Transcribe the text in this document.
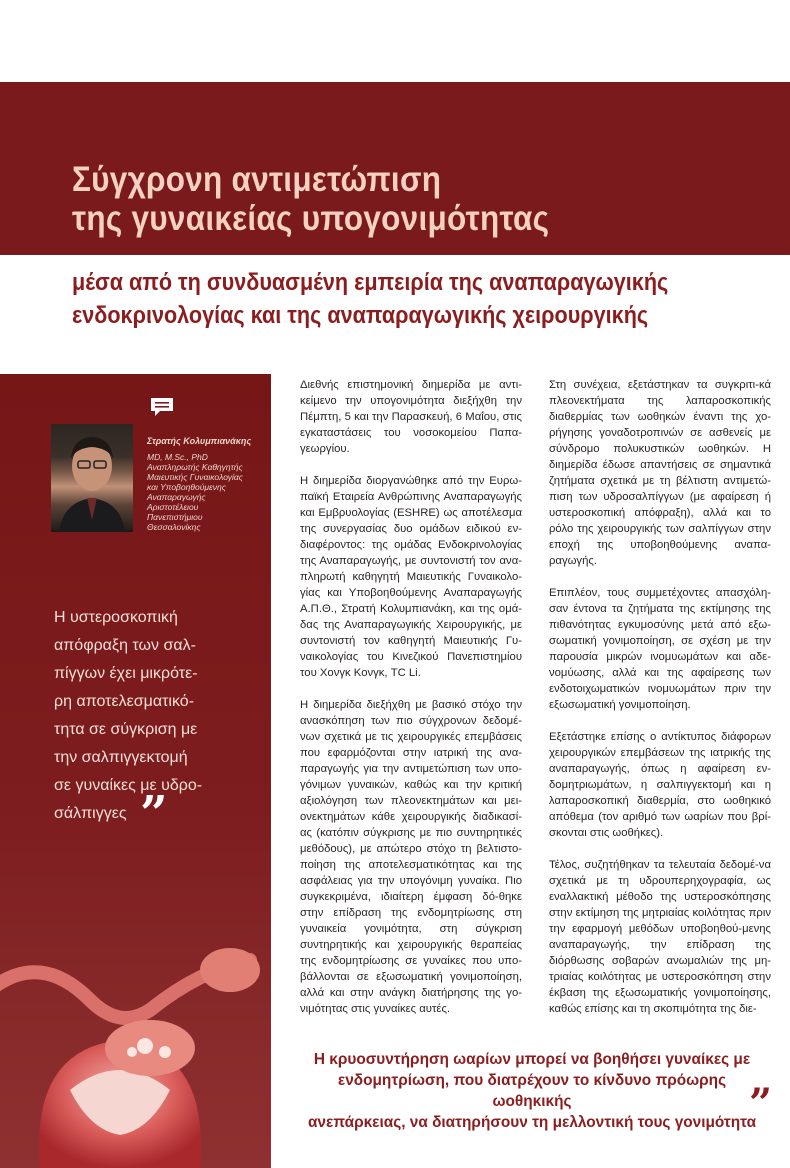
Σύγχρονη αντιμετώπιση
της γυναικείας υπογονιμότητας
μέσα από τη συνδυασμένη εμπειρία της αναπαραγωγικής
ενδοκρινολογίας και της αναπαραγωγικής χειρουργικής
Στρατής Κολυμπιανάκης
MD, M.Sc., PhD
Αναπληρωτής Καθηγητής
Μαιευτικής Γυναικολογίας
και Υποβοηθούμενης
Αναπαραγωγής
Αριστοτέλειου
Πανεπιστήμιου
Θεσσαλονίκης

Η υστεροσκοπική
απόφραξη των σαλ-
πίγγων έχει μικρότε-
ρη αποτελεσματικό-
τητα σε σύγκριση με
την σαλπιγγεκτομή
σε γυναίκες με υδρο-
σάλπιγγες ”

Διεθνής επιστημονική διημερίδα με αντι-κείμενο την υπογονιμότητα διεξήχθη την Πέμπτη, 5 και την Παρασκευή, 6 Μαΐου, στις εγκαταστάσεις του νοσοκομείου Παπα-γεωργίου.

Η διημερίδα διοργανώθηκε από την Ευρω-παϊκή Εταιρεία Ανθρώπινης Αναπαραγωγής και Εμβρυολογίας (ESHRE) ως αποτέλεσμα της συνεργασίας δυο ομάδων ειδικού εν-διαφέροντος: της ομάδας Ενδοκρινολογίας της Αναπαραγωγής, με συντονιστή τον ανα-πληρωτή καθηγητή Μαιευτικής Γυναικολο-γίας και Υποβοηθούμενης Αναπαραγωγής Α.Π.Θ., Στρατή Κολυμπιανάκη, και της ομά-δας της Αναπαραγωγικής Χειρουργικής, με συντονιστή τον καθηγητή Μαιευτικής Γυ-ναικολογίας του Κινεζικού Πανεπιστημίου του Χονγκ Κονγκ, TC Li.

Η διημερίδα διεξήχθη με βασικό στόχο την ανασκόπηση των πιο σύγχρονων δεδομέ-νων σχετικά με τις χειρουργικές επεμβάσεις που εφαρμόζονται στην ιατρική της ανα-παραγωγής για την αντιμετώπιση των υπο-γόνιμων γυναικών, καθώς και την κριτική αξιολόγηση των πλεονεκτημάτων και μει-ονεκτημάτων κάθε χειρουργικής διαδικασί-ας (κατόπιν σύγκρισης με πιο συντηρητικές μεθόδους), με απώτερο στόχο τη βελτιστο-ποίηση της αποτελεσματικότητας και της ασφάλειας για την υπογόνιμη γυναίκα. Πιο συγκεκριμένα, ιδιαίτερη έμφαση δό-θηκε στην επίδραση της ενδομητρίωσης στη γυναικεία γονιμότητα, στη σύγκριση συντηρητικής και χειρουργικής θεραπείας της ενδομητρίωσης σε γυναίκες που υπο-βάλλονται σε εξωσωματική γονιμοποίηση, αλλά και στην ανάγκη διατήρησης της γο-νιμότητας στις γυναίκες αυτές.

Στη συνέχεια, εξετάστηκαν τα συγκριτι-κά πλεονεκτήματα της λαπαροσκοπικής διαθερμίας των ωοθηκών έναντι της χο-ρήγησης γοναδοτροπινών σε ασθενείς με σύνδρομο πολυκυστικών ωοθηκών. Η διημερίδα έδωσε απαντήσεις σε σημαντικά ζητήματα σχετικά με τη βέλτιστη αντιμετώ-πιση των υδροσαλπίγγων (με αφαίρεση ή υστεροσκοπική απόφραξη), αλλά και το ρόλο της χειρουργικής των σαλπίγγων στην εποχή της υποβοηθούμενης αναπα-ραγωγής.

Επιπλέον, τους συμμετέχοντες απασχόλη-σαν έντονα τα ζητήματα της εκτίμησης της πιθανότητας εγκυμοσύνης μετά από εξω-σωματική γονιμοποίηση, σε σχέση με την παρουσία μικρών ινομυωμάτων και αδε-νομύωσης, αλλά και της αφαίρεσης των ενδοτοιχωματικών ινομυωμάτων πριν την εξωσωματική γονιμοποίηση.

Εξετάστηκε επίσης ο αντίκτυπος διάφορων χειρουργικών επεμβάσεων της ιατρικής της αναπαραγωγής, όπως η αφαίρεση εν-δομητριωμάτων, η σαλπιγγεκτομή και η λαπαροσκοπική διαθερμία, στο ωοθηκικό απόθεμα (τον αριθμό των ωαρίων που βρί-σκονται στις ωοθήκες).

Τέλος, συζητήθηκαν τα τελευταία δεδομέ-να σχετικά με τη υδρουπερηχογραφία, ως εναλλακτική μέθοδο της υστεροσκόπησης στην εκτίμηση της μητριαίας κοιλότητας πριν την εφαρμογή μεθόδων υποβοηθού-μενης αναπαραγωγής, την επίδραση της διόρθωσης σοβαρών ανωμαλιών της μη-τριαίας κοιλότητας με υστεροσκόπηση στην έκβαση της εξωσωματικής γονιμοποίησης, καθώς επίσης και τη σκοπιμότητα της διε-

Η κρυοσυντήρηση ωαρίων μπορεί να βοηθήσει γυναίκες με
ενδομητρίωση, που διατρέχουν το κίνδυνο πρόωρης ωοθηκικής
ανεπάρκειας, να διατηρήσουν τη μελλοντική τους γονιμότητα
”
